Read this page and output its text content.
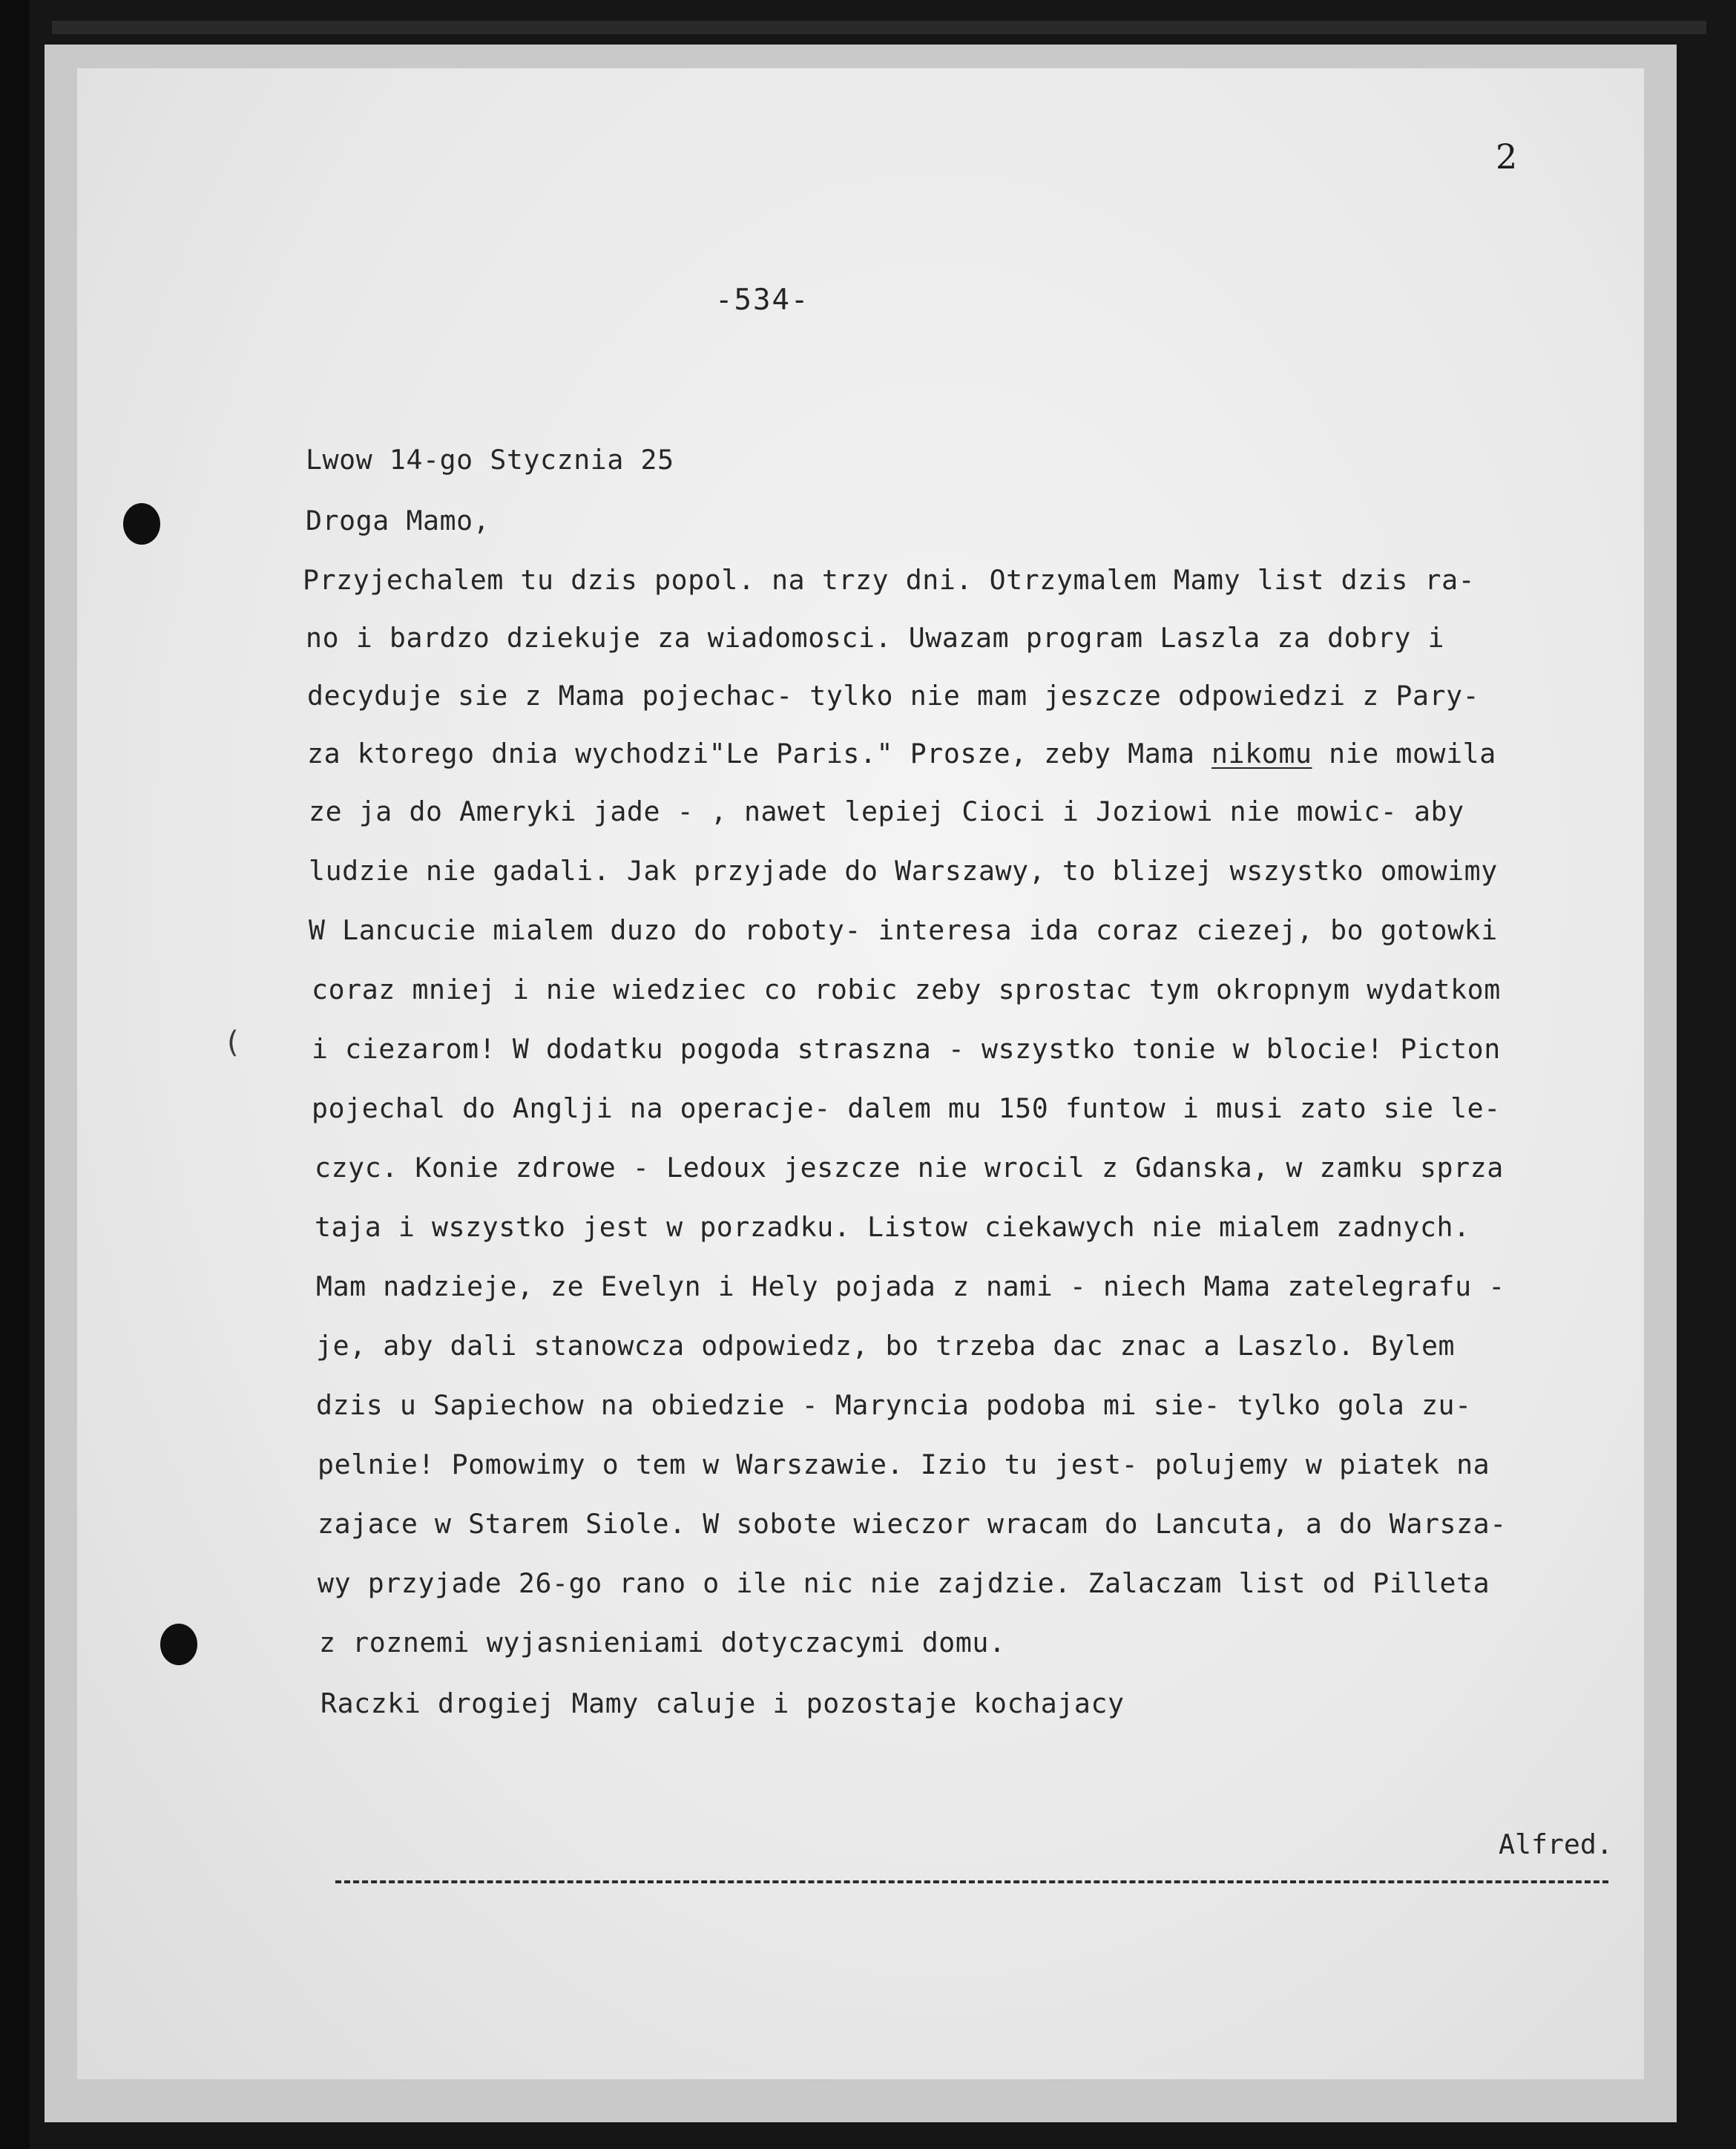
2
-534-
(
Lwow 14-go Stycznia 25
Droga Mamo,
Przyjechalem tu dzis popol. na trzy dni. Otrzymalem Mamy list dzis ra-
no i bardzo dziekuje za wiadomosci. Uwazam program Laszla za dobry i
decyduje sie z Mama pojechac- tylko nie mam jeszcze odpowiedzi z Pary-
za ktorego dnia wychodzi"Le Paris." Prosze, zeby Mama nikomu nie mowila
ze ja do Ameryki jade - , nawet lepiej Cioci i Joziowi nie mowic- aby
ludzie nie gadali. Jak przyjade do Warszawy, to blizej wszystko omowimy
W Lancucie mialem duzo do roboty- interesa ida coraz ciezej, bo gotowki
coraz mniej i nie wiedziec co robic zeby sprostac tym okropnym wydatkom
i ciezarom! W dodatku pogoda straszna - wszystko tonie w blocie! Picton
pojechal do Anglji na operacje- dalem mu 150 funtow i musi zato sie le-
czyc. Konie zdrowe - Ledoux jeszcze nie wrocil z Gdanska, w zamku sprza
taja i wszystko jest w porzadku. Listow ciekawych nie mialem zadnych.
Mam nadzieje, ze Evelyn i Hely pojada z nami - niech Mama zatelegrafu -
je, aby dali stanowcza odpowiedz, bo trzeba dac znac a Laszlo. Bylem
dzis u Sapiechow na obiedzie - Maryncia podoba mi sie- tylko gola zu-
pelnie! Pomowimy o tem w Warszawie. Izio tu jest- polujemy w piatek na
zajace w Starem Siole. W sobote wieczor wracam do Lancuta, a do Warsza-
wy przyjade 26-go rano o ile nic nie zajdzie. Zalaczam list od Pilleta
z roznemi wyjasnieniami dotyczacymi domu.
Raczki drogiej Mamy caluje i pozostaje kochajacy
Alfred.
